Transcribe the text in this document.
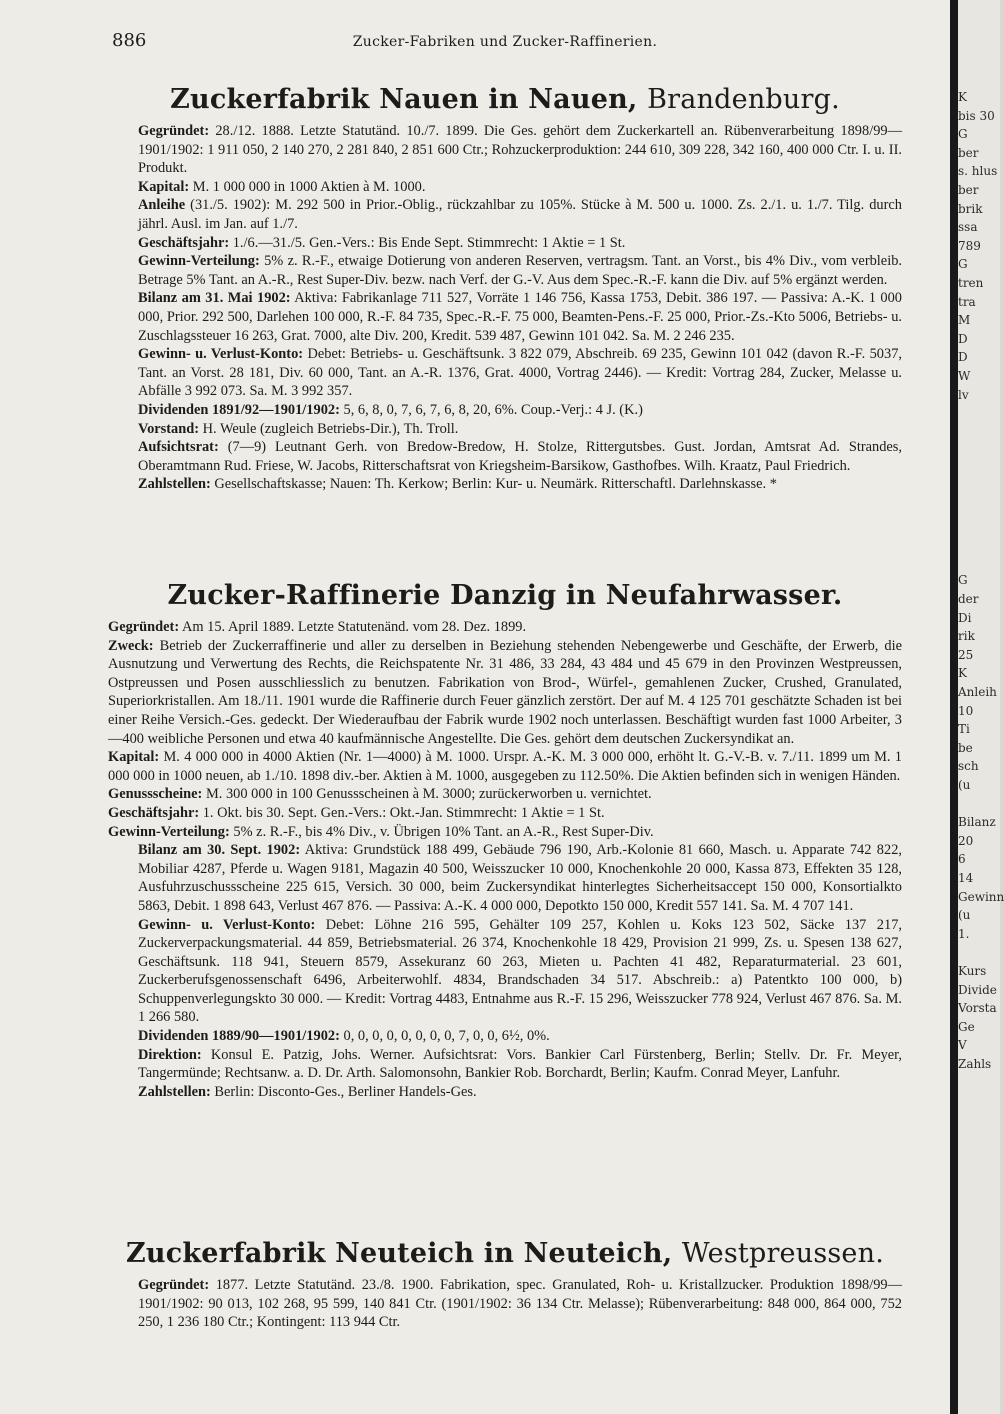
886	Zucker-Fabriken und Zucker-Raffinerien.
Zuckerfabrik Nauen in Nauen, Brandenburg.

Gegründet: 28./12. 1888. Letzte Statutänd. 10./7. 1899. Die Ges. gehört dem Zuckerkartell an. Rübenverarbeitung 1898/99—1901/1902: 1 911 050, 2 140 270, 2 281 840, 2 851 600 Ctr.; Rohzuckerproduktion: 244 610, 309 228, 342 160, 400 000 Ctr. I. u. II. Produkt.

Kapital: M. 1 000 000 in 1000 Aktien à M. 1000.

Anleihe (31./5. 1902): M. 292 500 in Prior.-Oblig., rückzahlbar zu 105%. Stücke à M. 500 u. 1000. Zs. 2./1. u. 1./7. Tilg. durch jährl. Ausl. im Jan. auf 1./7.

Geschäftsjahr: 1./6.—31./5. Gen.-Vers.: Bis Ende Sept. Stimmrecht: 1 Aktie = 1 St.

Gewinn-Verteilung: 5% z. R.-F., etwaige Dotierung von anderen Reserven, vertragsm. Tant. an Vorst., bis 4% Div., vom verbleib. Betrage 5% Tant. an A.-R., Rest Super-Div. bezw. nach Verf. der G.-V. Aus dem Spec.-R.-F. kann die Div. auf 5% ergänzt werden.

Bilanz am 31. Mai 1902: Aktiva: Fabrikanlage 711 527, Vorräte 1 146 756, Kassa 1753, Debit. 386 197. — Passiva: A.-K. 1 000 000, Prior. 292 500, Darlehen 100 000, R.-F. 84 735, Spec.-R.-F. 75 000, Beamten-Pens.-F. 25 000, Prior.-Zs.-Kto 5006, Betriebs- u. Zuschlagssteuer 16 263, Grat. 7000, alte Div. 200, Kredit. 539 487, Gewinn 101 042. Sa. M. 2 246 235.

Gewinn- u. Verlust-Konto: Debet: Betriebs- u. Geschäftsunk. 3 822 079, Abschreib. 69 235, Gewinn 101 042 (davon R.-F. 5037, Tant. an Vorst. 28 181, Div. 60 000, Tant. an A.-R. 1376, Grat. 4000, Vortrag 2446). — Kredit: Vortrag 284, Zucker, Melasse u. Abfälle 3 992 073. Sa. M. 3 992 357.

Dividenden 1891/92—1901/1902: 5, 6, 8, 0, 7, 6, 7, 6, 8, 20, 6%. Coup.-Verj.: 4 J. (K.)

Vorstand: H. Weule (zugleich Betriebs-Dir.), Th. Troll.

Aufsichtsrat: (7—9) Leutnant Gerh. von Bredow-Bredow, H. Stolze, Rittergutsbes. Gust. Jordan, Amtsrat Ad. Strandes, Oberamtmann Rud. Friese, W. Jacobs, Ritterschaftsrat von Kriegsheim-Barsikow, Gasthofbes. Wilh. Kraatz, Paul Friedrich.

Zahlstellen: Gesellschaftskasse; Nauen: Th. Kerkow; Berlin: Kur- u. Neumärk. Ritterschaftl. Darlehnskasse. *

Zucker-Raffinerie Danzig in Neufahrwasser.

Gegründet: Am 15. April 1889. Letzte Statutenänd. vom 28. Dez. 1899.

Zweck: Betrieb der Zuckerraffinerie und aller zu derselben in Beziehung stehenden Nebengewerbe und Geschäfte, der Erwerb, die Ausnutzung und Verwertung des Rechts, die Reichspatente Nr. 31 486, 33 284, 43 484 und 45 679 in den Provinzen Westpreussen, Ostpreussen und Posen ausschliesslich zu benutzen. Fabrikation von Brod-, Würfel-, gemahlenen Zucker, Crushed, Granulated, Superiorkristallen. Am 18./11. 1901 wurde die Raffinerie durch Feuer gänzlich zerstört. Der auf M. 4 125 701 geschätzte Schaden ist bei einer Reihe Versich.-Ges. gedeckt. Der Wiederaufbau der Fabrik wurde 1902 noch unterlassen. Beschäftigt wurden fast 1000 Arbeiter, 3—400 weibliche Personen und etwa 40 kaufmännische Angestellte. Die Ges. gehört dem deutschen Zuckersyndikat an.

Kapital: M. 4 000 000 in 4000 Aktien (Nr. 1—4000) à M. 1000. Urspr. A.-K. M. 3 000 000, erhöht lt. G.-V.-B. v. 7./11. 1899 um M. 1 000 000 in 1000 neuen, ab 1./10. 1898 div.-ber. Aktien à M. 1000, ausgegeben zu 112.50%. Die Aktien befinden sich in wenigen Händen.

Genussscheine: M. 300 000 in 100 Genussscheinen à M. 3000; zurückerworben u. vernichtet.

Geschäftsjahr: 1. Okt. bis 30. Sept. Gen.-Vers.: Okt.-Jan. Stimmrecht: 1 Aktie = 1 St.

Gewinn-Verteilung: 5% z. R.-F., bis 4% Div., v. Übrigen 10% Tant. an A.-R., Rest Super-Div.

Bilanz am 30. Sept. 1902: Aktiva: Grundstück 188 499, Gebäude 796 190, Arb.-Kolonie 81 660, Masch. u. Apparate 742 822, Mobiliar 4287, Pferde u. Wagen 9181, Magazin 40 500, Weisszucker 10 000, Knochenkohle 20 000, Kassa 873, Effekten 35 128, Ausfuhrzuschussscheine 225 615, Versich. 30 000, beim Zuckersyndikat hinterlegtes Sicherheitsaccept 150 000, Konsortialkto 5863, Debit. 1 898 643, Verlust 467 876. — Passiva: A.-K. 4 000 000, Depotkto 150 000, Kredit 557 141. Sa. M. 4 707 141.

Gewinn- u. Verlust-Konto: Debet: Löhne 216 595, Gehälter 109 257, Kohlen u. Koks 123 502, Säcke 137 217, Zuckerverpackungsmaterial. 44 859, Betriebsmaterial. 26 374, Knochenkohle 18 429, Provision 21 999, Zs. u. Spesen 138 627, Geschäftsunk. 118 941, Steuern 8579, Assekuranz 60 263, Mieten u. Pachten 41 482, Reparaturmaterial. 23 601, Zuckerberufsgenossenschaft 6496, Arbeiterwohlf. 4834, Brandschaden 34 517. Abschreib.: a) Patentkto 100 000, b) Schuppenverlegungskto 30 000. — Kredit: Vortrag 4483, Entnahme aus R.-F. 15 296, Weisszucker 778 924, Verlust 467 876. Sa. M. 1 266 580.

Dividenden 1889/90—1901/1902: 0, 0, 0, 0, 0, 0, 0, 0, 7, 0, 0, 6½, 0%.

Direktion: Konsul E. Patzig, Johs. Werner. Aufsichtsrat: Vors. Bankier Carl Fürstenberg, Berlin; Stellv. Dr. Fr. Meyer, Tangermünde; Rechtsanw. a. D. Dr. Arth. Salomonsohn, Bankier Rob. Borchardt, Berlin; Kaufm. Conrad Meyer, Lanfuhr.

Zahlstellen: Berlin: Disconto-Ges., Berliner Handels-Ges.

Zuckerfabrik Neuteich in Neuteich, Westpreussen.

Gegründet: 1877. Letzte Statutänd. 23./8. 1900. Fabrikation, spec. Granulated, Roh- u. Kristallzucker. Produktion 1898/99—1901/1902: 90 013, 102 268, 95 599, 140 841 Ctr. (1901/1902: 36 134 Ctr. Melasse); Rübenverarbeitung: 848 000, 864 000, 752 250, 1 236 180 Ctr.; Kontingent: 113 944 Ctr.

K
bis 30
G
ber
s. hlus
ber
brik
ssa
789
G
tren
tra
M
D
D
W
lv
G
der
Di
rik
25
K
Anleih
10
Ti
be
sch
(u
Bilanz
20
6
14
Gewinn
(u
1.
Kurs
Divide
Vorsta
Ge
V
Zahls
